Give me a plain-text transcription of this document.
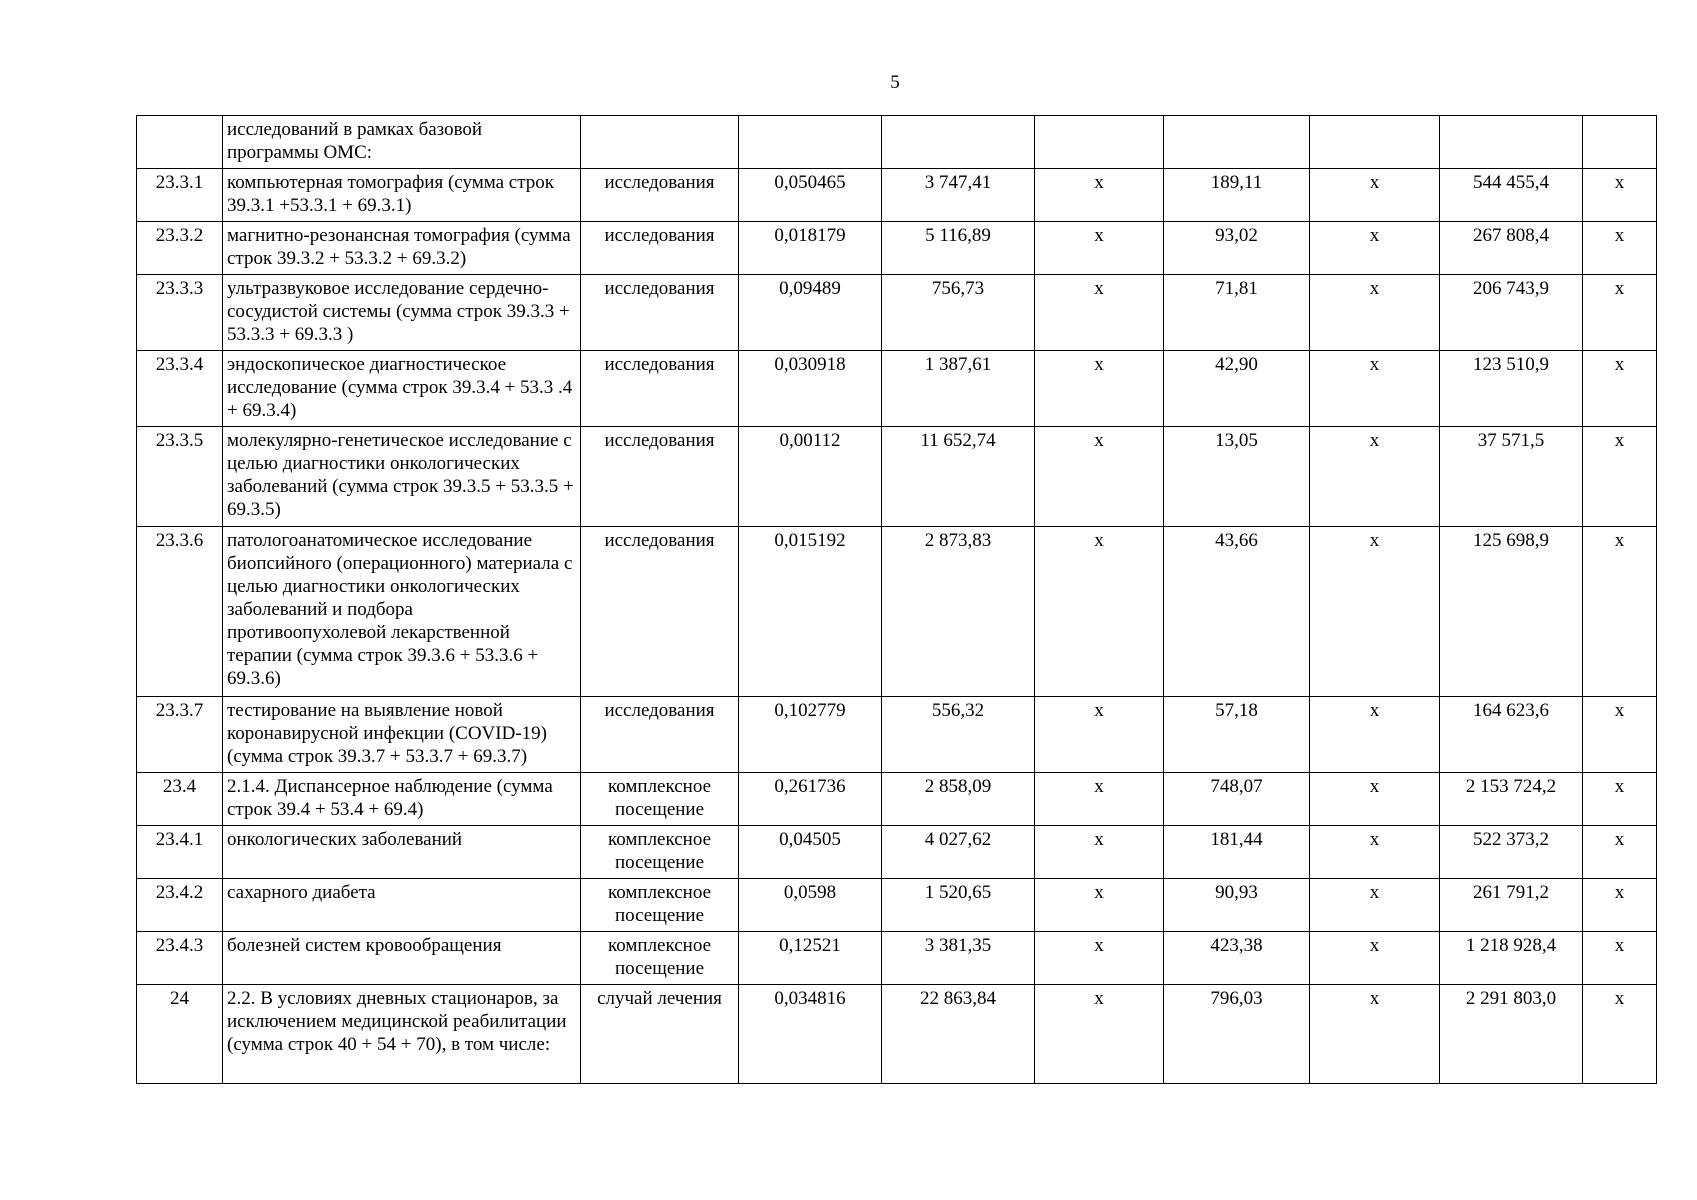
5
	исследований в рамках базовой программы ОМС:								
23.3.1	компьютерная томография (сумма строк 39.3.1 +53.3.1 + 69.3.1)	исследования	0,050465	3 747,41	х	189,11	х	544 455,4	х
23.3.2	магнитно-резонансная томография (сумма строк 39.3.2 + 53.3.2 + 69.3.2)	исследования	0,018179	5 116,89	х	93,02	х	267 808,4	х
23.3.3	ультразвуковое исследование сердечно-сосудистой системы (сумма строк 39.3.3 + 53.3.3 + 69.3.3 )	исследования	0,09489	756,73	х	71,81	х	206 743,9	х
23.3.4	эндоскопическое диагностическое исследование (сумма строк 39.3.4 + 53.3 .4 + 69.3.4)	исследования	0,030918	1 387,61	х	42,90	х	123 510,9	х
23.3.5	молекулярно-генетическое исследование с целью диагностики онкологических заболеваний (сумма строк 39.3.5 + 53.3.5 + 69.3.5)	исследования	0,00112	11 652,74	х	13,05	х	37 571,5	х
23.3.6	патологоанатомическое исследование биопсийного (операционного) материала с целью диагностики онкологических заболеваний и подбора противоопухолевой лекарственной терапии (сумма строк 39.3.6 + 53.3.6 + 69.3.6)	исследования	0,015192	2 873,83	х	43,66	х	125 698,9	х
23.3.7	тестирование на выявление новой коронавирусной инфекции (COVID-19) (сумма строк 39.3.7 + 53.3.7 + 69.3.7)	исследования	0,102779	556,32	х	57,18	х	164 623,6	х
23.4	2.1.4. Диспансерное наблюдение (сумма строк 39.4 + 53.4 + 69.4)	комплексное посещение	0,261736	2 858,09	х	748,07	х	2 153 724,2	х
23.4.1	онкологических заболеваний	комплексное посещение	0,04505	4 027,62	х	181,44	х	522 373,2	х
23.4.2	сахарного диабета	комплексное посещение	0,0598	1 520,65	х	90,93	х	261 791,2	х
23.4.3	болезней систем кровообращения	комплексное посещение	0,12521	3 381,35	х	423,38	х	1 218 928,4	х
24	2.2. В условиях дневных стационаров, за исключением медицинской реабилитации (сумма строк 40 + 54 + 70), в том числе:	случай лечения	0,034816	22 863,84	х	796,03	х	2 291 803,0	х
